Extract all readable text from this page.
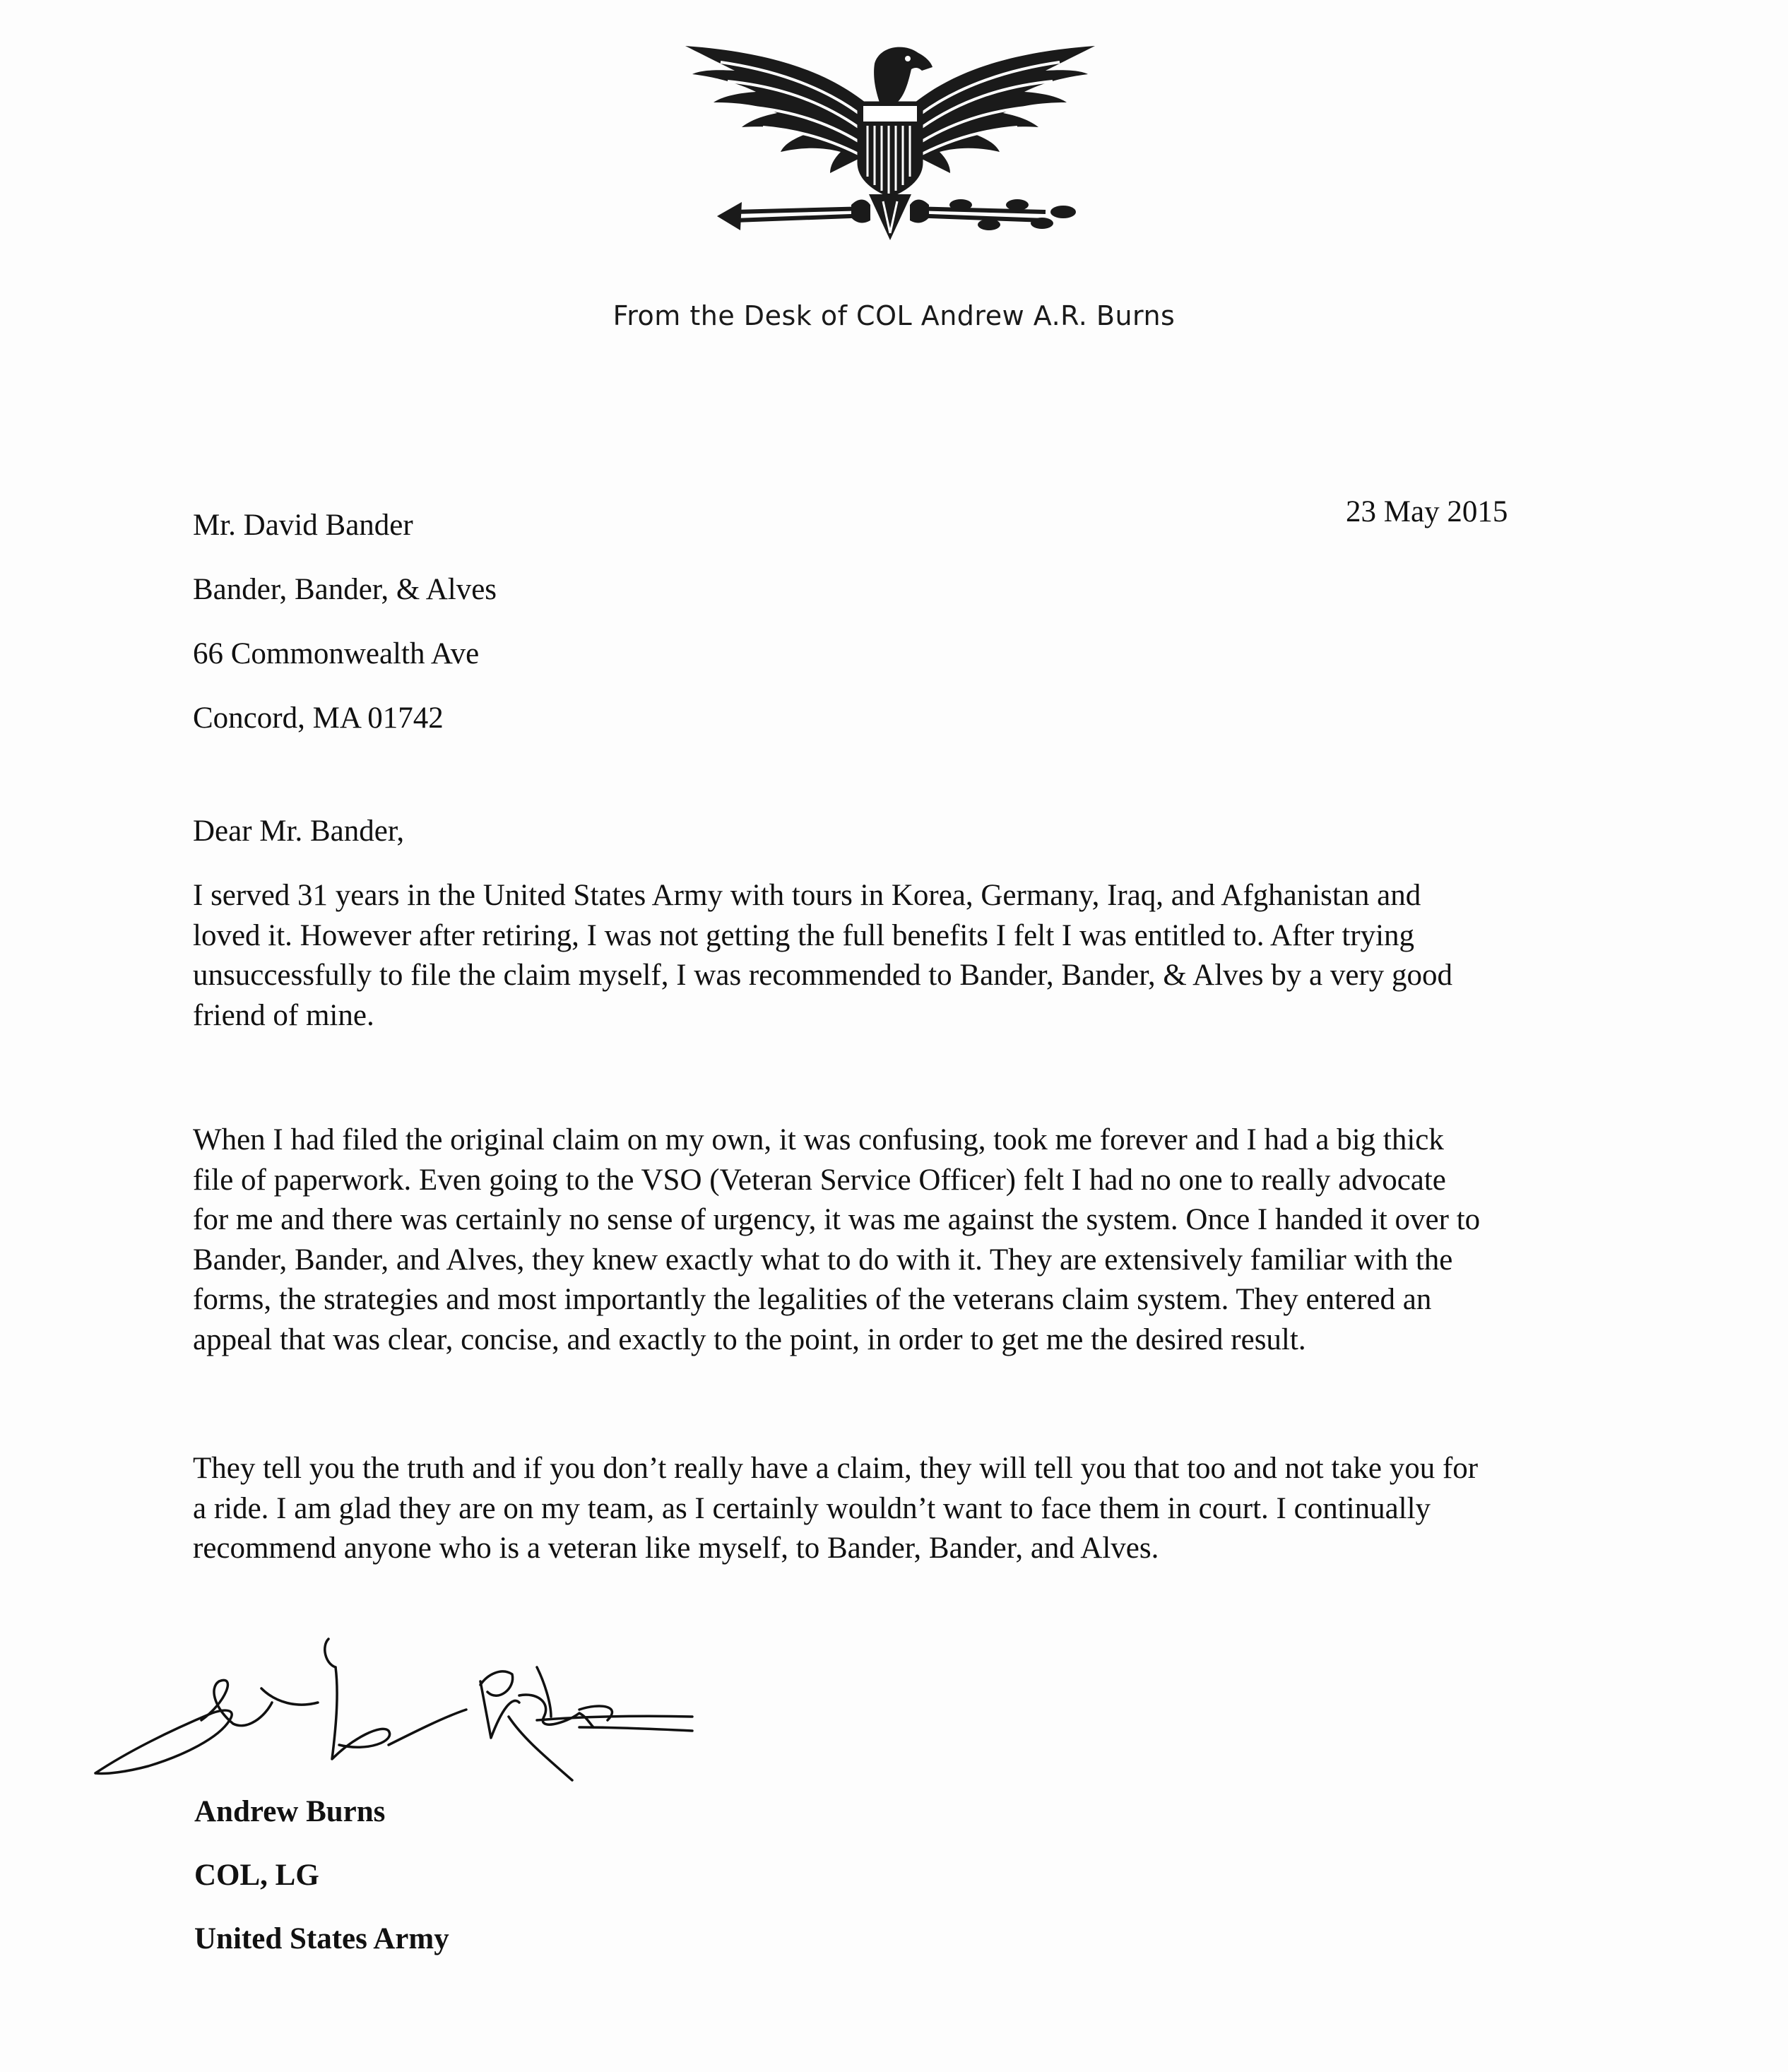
From the Desk of COL Andrew A.R. Burns
Mr. David Bander
Bander, Bander, & Alves
66 Commonwealth Ave
Concord, MA 01742
23 May 2015
Dear Mr. Bander,
I served 31 years in the United States Army with tours in Korea, Germany, Iraq, and Afghanistan and
loved it. However after retiring, I was not getting the full benefits I felt I was entitled to. After trying
unsuccessfully to file the claim myself, I was recommended to Bander, Bander, & Alves by a very good
friend of mine.
When I had filed the original claim on my own, it was confusing, took me forever and I had a big thick
file of paperwork. Even going to the VSO (Veteran Service Officer) felt I had no one to really advocate
for me and there was certainly no sense of urgency, it was me against the system. Once I handed it over to
Bander, Bander, and Alves, they knew exactly what to do with it. They are extensively familiar with the
forms, the strategies and most importantly the legalities of the veterans claim system. They entered an
appeal that was clear, concise, and exactly to the point, in order to get me the desired result.
They tell you the truth and if you don’t really have a claim, they will tell you that too and not take you for
a ride. I am glad they are on my team, as I certainly wouldn’t want to face them in court. I continually
recommend anyone who is a veteran like myself, to Bander, Bander, and Alves.
Andrew Burns
COL, LG
United States Army
